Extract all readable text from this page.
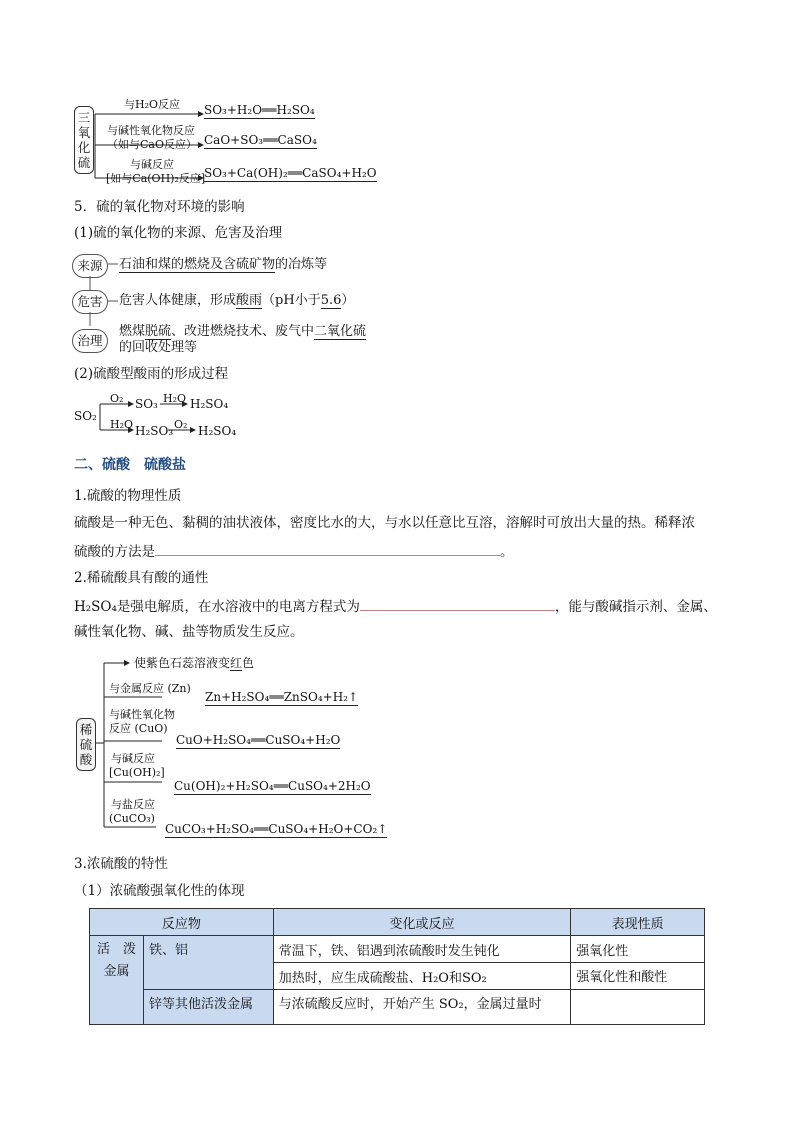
三
氧
化
硫
与H₂O反应 SO₃+H₂O══H₂SO₄
与碱性氧化物反应
（如与CaO反应） CaO+SO₃══CaSO₄
与碱反应
[如与Ca(OH)₂反应]
SO₃+Ca(OH)₂══CaSO₄+H₂O
5．硫的氧化物对环境的影响
(1)硫的氧化物的来源、危害及治理
来源	石油和煤的燃烧及含硫矿物的冶炼等
危害	危害人体健康，形成酸雨（pH小于5.6）
治理
燃煤脱硫、改进燃烧技术、废气中二氧化硫
的回收处理等
(2)硫酸型酸雨的形成过程
SO₂
O₂ SO₃ H₂O H₂SO₄
H₂O H₂SO₃ O₂ H₂SO₄
二、硫酸　硫酸盐
1.硫酸的物理性质
硫酸是一种无色、黏稠的油状液体，密度比水的大，与水以任意比互溶，溶解时可放出大量的热。稀释浓
硫酸的方法是	。
2.稀硫酸具有酸的通性
H₂SO₄是强电解质，在水溶液中的电离方程式为	，能与酸碱指示剂、金属、
碱性氧化物、碱、盐等物质发生反应。
稀
硫
酸
使紫色石蕊溶液变红色
与金属反应 (Zn)
Zn+H₂SO₄══ZnSO₄+H₂↑
与碱性氧化物
反应 (CuO)
CuO+H₂SO₄══CuSO₄+H₂O
与碱反应
[Cu(OH)₂]
Cu(OH)₂+H₂SO₄══CuSO₄+2H₂O
与盐反应
(CuCO₃)
CuCO₃+H₂SO₄══CuSO₄+H₂O+CO₂↑
3.浓硫酸的特性
（1）浓硫酸强氧化性的体现
反应物		变化或反应	表现性质
活　泼
金属	铁、铝	常温下，铁、铝遇到浓硫酸时发生钝化	强氧化性
		加热时，应生成硫酸盐、H₂O和SO₂	强氧化性和酸性
	锌等其他活泼金属	与浓硫酸反应时，开始产生 SO₂，金属过量时	
